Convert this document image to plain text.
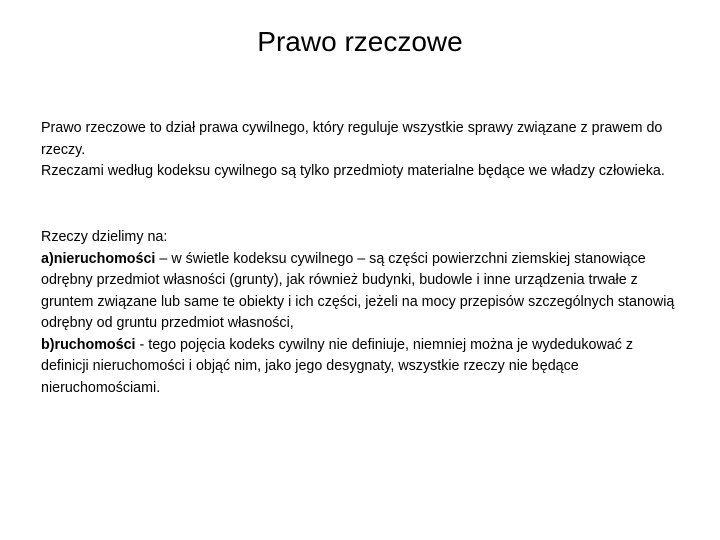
Prawo rzeczowe

Prawo rzeczowe to dział prawa cywilnego, który reguluje wszystkie sprawy związane z prawem do rzeczy.
Rzeczami według kodeksu cywilnego są tylko przedmioty materialne będące we władzy człowieka.

Rzeczy dzielimy na:
a)nieruchomości – w świetle kodeksu cywilnego – są części powierzchni ziemskiej stanowiące odrębny przedmiot własności (grunty), jak również budynki, budowle i inne urządzenia trwałe z gruntem związane lub same te obiekty i ich części, jeżeli na mocy przepisów szczególnych stanowią odrębny od gruntu przedmiot własności,
b)ruchomości - tego pojęcia kodeks cywilny nie definiuje, niemniej można je wydedukować z definicji nieruchomości i objąć nim, jako jego desygnaty, wszystkie rzeczy nie będące nieruchomościami.
